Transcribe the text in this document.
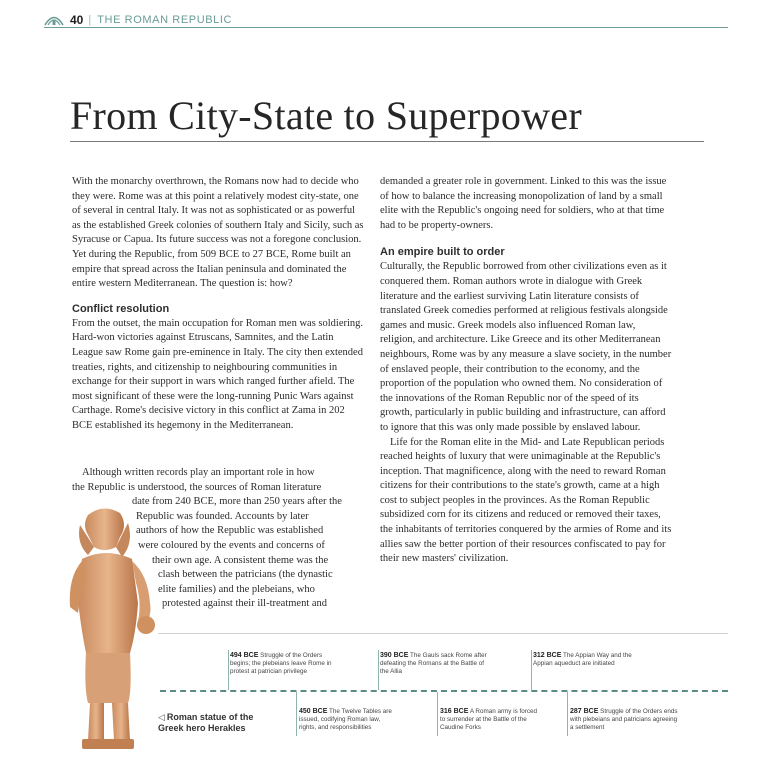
40 | THE ROMAN REPUBLIC
From City-State to Superpower

With the monarchy overthrown, the Romans now had to decide who they were. Rome was at this point a relatively modest city-state, one of several in central Italy. It was not as sophisticated or as powerful as the established Greek colonies of southern Italy and Sicily, such as Syracuse or Capua. Its future success was not a foregone conclusion. Yet during the Republic, from 509 BCE to 27 BCE, Rome built an empire that spread across the Italian peninsula and dominated the entire western Mediterranean. The question is: how?

Conflict resolution

From the outset, the main occupation for Roman men was soldiering. Hard-won victories against Etruscans, Samnites, and the Latin League saw Rome gain pre-eminence in Italy. The city then extended treaties, rights, and citizenship to neighbouring communities in exchange for their support in wars which ranged further afield. The most significant of these were the long-running Punic Wars against Carthage. Rome's decisive victory in this conflict at Zama in 202 BCE established its hegemony in the Mediterranean.

Although written records play an important role in how
the Republic is understood, the sources of Roman literature
date from 240 BCE, more than 250 years after the
Republic was founded. Accounts by later
authors of how the Republic was established
were coloured by the events and concerns of
their own age. A consistent theme was the
clash between the patricians (the dynastic
elite families) and the plebeians, who
protested against their ill-treatment and

demanded a greater role in government. Linked to this was the issue of how to balance the increasing monopolization of land by a small elite with the Republic's ongoing need for soldiers, who at that time had to be property-owners.

An empire built to order

Culturally, the Republic borrowed from other civilizations even as it conquered them. Roman authors wrote in dialogue with Greek literature and the earliest surviving Latin literature consists of translated Greek comedies performed at religious festivals alongside games and music. Greek models also influenced Roman law, religion, and architecture. Like Greece and its other Mediterranean neighbours, Rome was by any measure a slave society, in the number of enslaved people, their contribution to the economy, and the proportion of the population who owned them. No consideration of the innovations of the Roman Republic nor of the speed of its growth, particularly in public building and infrastructure, can afford to ignore that this was only made possible by enslaved labour.

Life for the Roman elite in the Mid- and Late Republican periods reached heights of luxury that were unimaginable at the Republic's inception. That magnificence, along with the need to reward Roman citizens for their contributions to the state's growth, came at a high cost to subject peoples in the provinces. As the Roman Republic subsidized corn for its citizens and reduced or removed their taxes, the inhabitants of territories conquered by the armies of Rome and its allies saw the better portion of their resources confiscated to pay for their new masters' civilization.

◁ Roman statue of the Greek hero Herakles
494 BCE Struggle of the Orders begins; the plebeians leave Rome in protest at patrician privilege
390 BCE The Gauls sack Rome after defeating the Romans at the Battle of the Allia
312 BCE The Appian Way and the Appian aqueduct are initiated
450 BCE The Twelve Tables are issued, codifying Roman law, rights, and responsibilities
316 BCE A Roman army is forced to surrender at the Battle of the Caudine Forks
287 BCE Struggle of the Orders ends with plebeians and patricians agreeing a settlement
